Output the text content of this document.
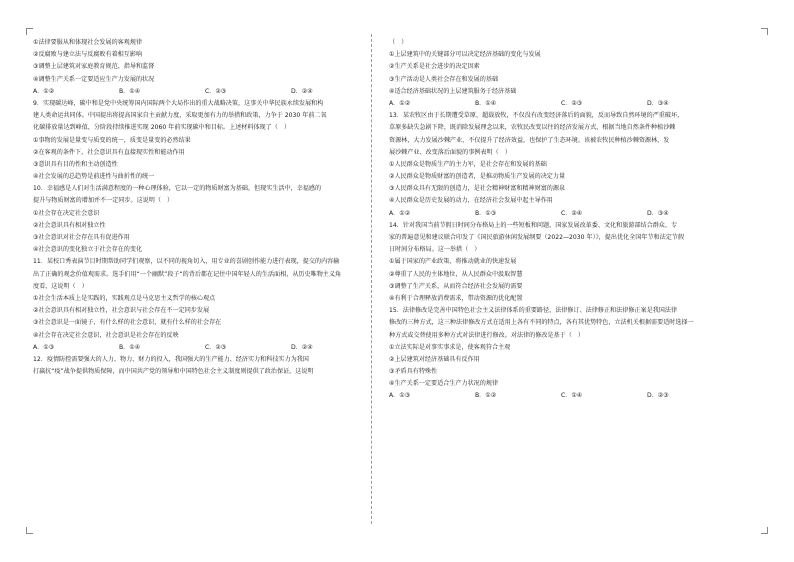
①法律要服从和体现社会发展的客观规律
②反腐败与建立法与反腐败有着相互影响
③调整上层建筑对家庭教育规范、指导和监督
④调整生产关系一定要适应生产力发展的状况
A．①②	B．①④	C．②③	D．②④
9．实现碳达峰，碳中和是党中央统筹国内国际两个大局作出的重大战略决策，这事关中华民族永续发展和构
建人类命运共同体。中国提出将提高国家自主贡献力度，采取更加有力的举措和政策，力争于 2030 年前二氧
化碳排放量达到峰值，分阶段持续推进实现 2060 年前实现碳中和目标。上述材料体现了（　）
①事物的发展是量变与质变的统一，质变是量变的必然结果
②在客观的条件下，社会意识具有直接现实性和能动作用
③意识具有目的性和主动创造性
④社会发展的总趋势是前进性与曲折性的统一
10．幸福感是人们对生活满意程度的一种心理体验，它以一定的物质财富为基础，但现实生活中，幸福感的
提升与物质财富的增加并不一定同步。这说明（　）
①社会存在决定社会意识
②社会意识具有相对独立性
③社会意识对社会存在具有促进作用
④社会意识的变化独立于社会存在的变化
11．某校口秀表演节目时期帮助同学们观察，以不同的视角切入，用专业的喜剧创作能力进行表现，提交的内容输
出了正确的观念价值观需求。选手们用“一个幽默”段子“的背后都在记住中国年轻人的生活面相，从历史唯物主义角
度看，这说明（　）
①社会生活本质上是实践的，实践观点是马克思主义哲学的核心观点
②社会意识具有相对独立性，社会意识与社会存在不一定同步发展
③社会意识是一面镜子，有什么样的社会意识，就有什么样的社会存在
④社会存在决定社会意识，社会意识是社会存在的反映
A．①③	B．①④	C．②③	D．②④
12．疫情防控需要强大的人力、物力、财力的投入，我国强大的生产能力、经济实力和科技实力为我国
打赢抗“疫”战争提供物质保障，而中国共产党的领导和中国特色社会主义制度则提供了政治保证。这说明
（　）
①上层建筑中的关键部分可以决定经济基础的变化与发展
②生产关系是社会进步的决定因素
③生产活动是人类社会存在和发展的基础
④适合经济基础状况的上层建筑服务于经济基础
A．①②	B．①④	C．②③	D．③④
13．某农牧区由于长期遭受草原，超载放牧，不仅没有改变经济落后的面貌，反而导致自然环境的严重破坏，
草原多缺失急剧下降，既消除发展理念以来，农牧民改变以往的经济发展方式，根据当地自然条件种植沙棘
资源林，大力发展沙棘产业，不仅提升了经济效益，也保护了生态环境。该被农牧民种植沙棘资源林、发
展沙棘产业、改变落后面貌的事例表明（　）
①人民群众是物质生产的主力军，是社会存在和发展的基础
②人民群众是物质财富的创造者，是推动物质生产发展的决定力量
③人民群众具有无限的创造力，是社会精神财富和精神财富的源泉
④人民群众是历史发展的动力，在经济社会发展中起主导作用
A．①②	B．①③	C．②④	D．③④
14．针对我国当前节假日时间分布格局上的一些短板和问题，国家发展改革委、文化和旅游部结合群众、专
家的普遍意见和建议联合印发了《国民旅游休闲发展纲要（2022—2030 年）》，提出优化全国年节和法定节假
日时间分布格局。这一举措（　）
①属于国家的产业政策，将推动就业的快速发展
②尊重了人民的主体地位，从人民群众中汲取智慧
③调整了生产关系，从而符合经济社会发展的需要
④有利于合理释放消费需求，带动资源的优化配置
15．法律修改是完善中国特色社会主义法律体系的重要路径，法律修订、法律修正和法律修正案是我国法律
修改的三种方式，这三种法律修改方式在适用上各有不同的特点，各有其优势特色，立法机关根据需要适时选择一
种方式或交替使用多种方式对法律进行修改。对法律的修改是基于（　）
①立法实际是对事实事求是，使客观符合主观
②上层建筑对经济基础具有反作用
③矛盾具有特殊性
④生产关系一定要适合生产力状况的规律
A．①③	B．①②	C．①④	D．②③
